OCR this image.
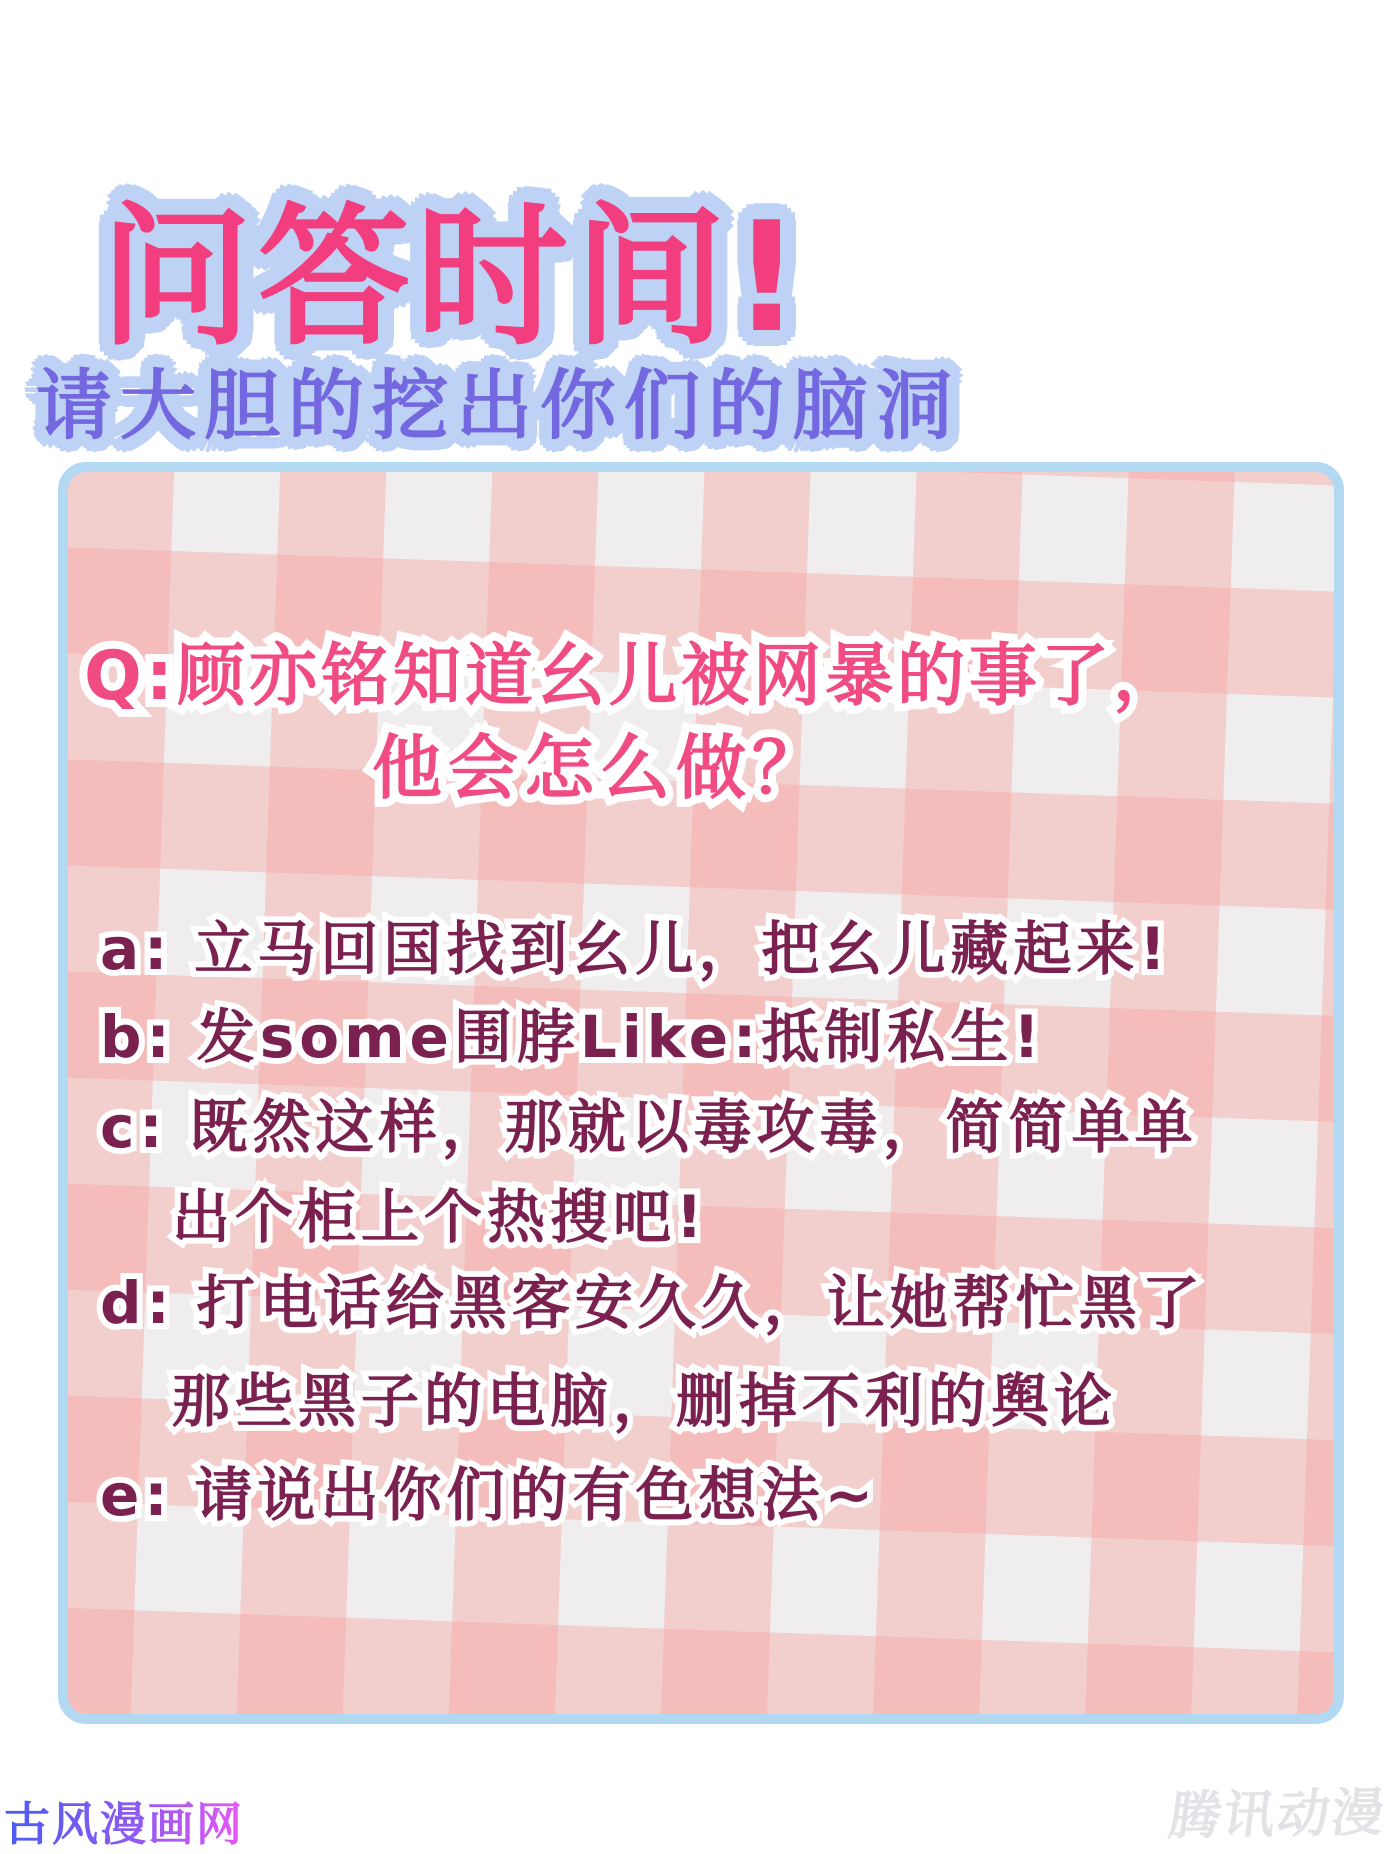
问答时间!
请大胆的挖出你们的脑洞
Q:顾亦铭知道幺儿被网暴的事了，
他会怎么做？
a: 立马回国找到幺儿，把幺儿藏起来!
b: 发some围脖Like:抵制私生!
c: 既然这样，那就以毒攻毒，简简单单
出个柜上个热搜吧!
d: 打电话给黑客安久久，让她帮忙黑了
那些黑子的电脑，删掉不利的舆论
e: 请说出你们的有色想法~
古风漫画网	腾讯动漫
